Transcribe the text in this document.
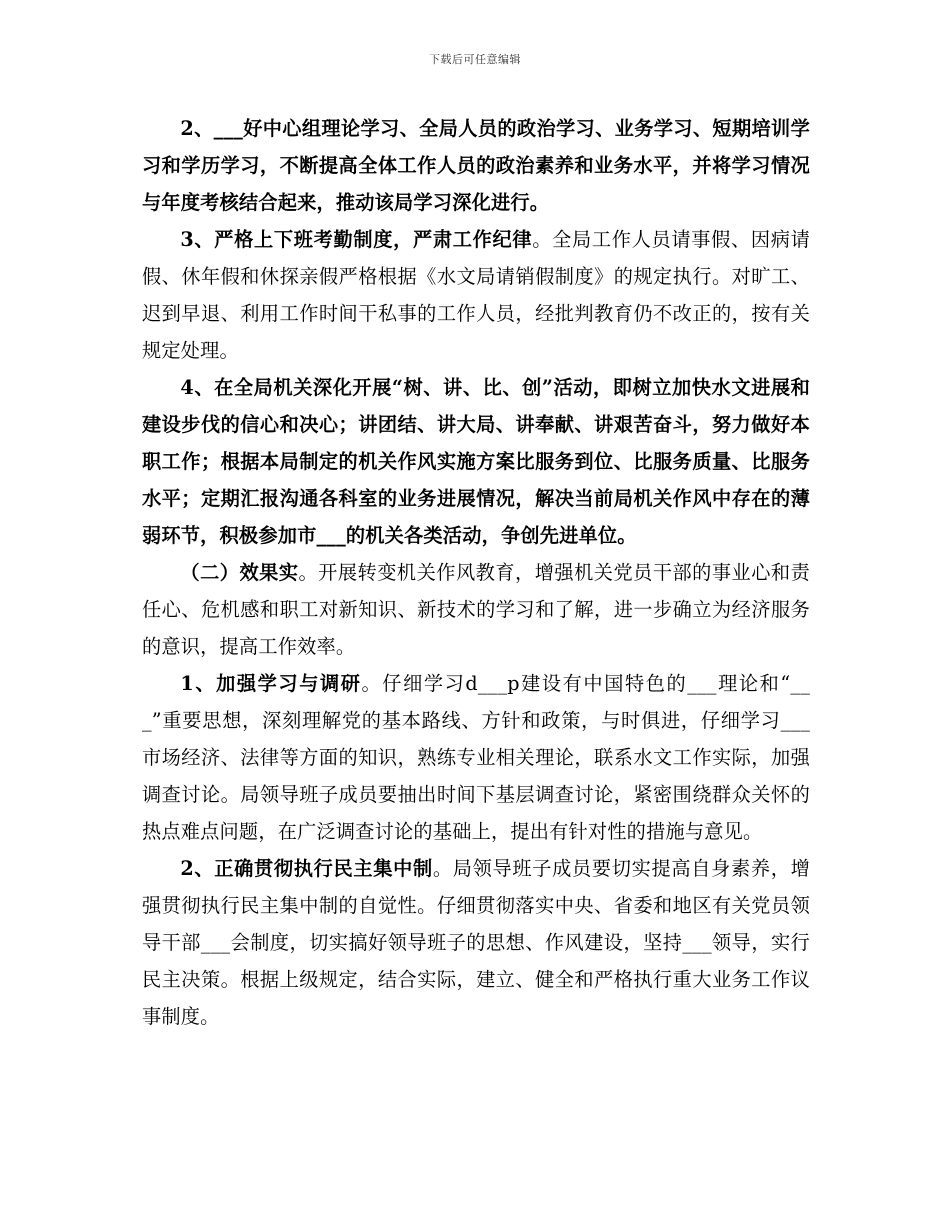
下载后可任意编辑

2、___好中心组理论学习、全局人员的政治学习、业务学习、短期培训学习和学历学习，不断提高全体工作人员的政治素养和业务水平，并将学习情况与年度考核结合起来，推动该局学习深化进行。

3、严格上下班考勤制度，严肃工作纪律。全局工作人员请事假、因病请假、休年假和休探亲假严格根据《水文局请销假制度》的规定执行。对旷工、迟到早退、利用工作时间干私事的工作人员，经批判教育仍不改正的，按有关规定处理。

4、在全局机关深化开展“树、讲、比、创”活动，即树立加快水文进展和建设步伐的信心和决心；讲团结、讲大局、讲奉献、讲艰苦奋斗，努力做好本职工作；根据本局制定的机关作风实施方案比服务到位、比服务质量、比服务水平；定期汇报沟通各科室的业务进展情况，解决当前局机关作风中存在的薄弱环节，积极参加市___的机关各类活动，争创先进单位。

（二）效果实。开展转变机关作风教育，增强机关党员干部的事业心和责任心、危机感和职工对新知识、新技术的学习和了解，进一步确立为经济服务的意识，提高工作效率。

1、加强学习与调研。仔细学习d___p建设有中国特色的___理论和“___”重要思想，深刻理解党的基本路线、方针和政策，与时俱进，仔细学习___市场经济、法律等方面的知识，熟练专业相关理论，联系水文工作实际，加强调查讨论。局领导班子成员要抽出时间下基层调查讨论，紧密围绕群众关怀的热点难点问题，在广泛调查讨论的基础上，提出有针对性的措施与意见。

2、正确贯彻执行民主集中制。局领导班子成员要切实提高自身素养，增强贯彻执行民主集中制的自觉性。仔细贯彻落实中央、省委和地区有关党员领导干部___会制度，切实搞好领导班子的思想、作风建设，坚持___领导，实行民主决策。根据上级规定，结合实际，建立、健全和严格执行重大业务工作议事制度。
